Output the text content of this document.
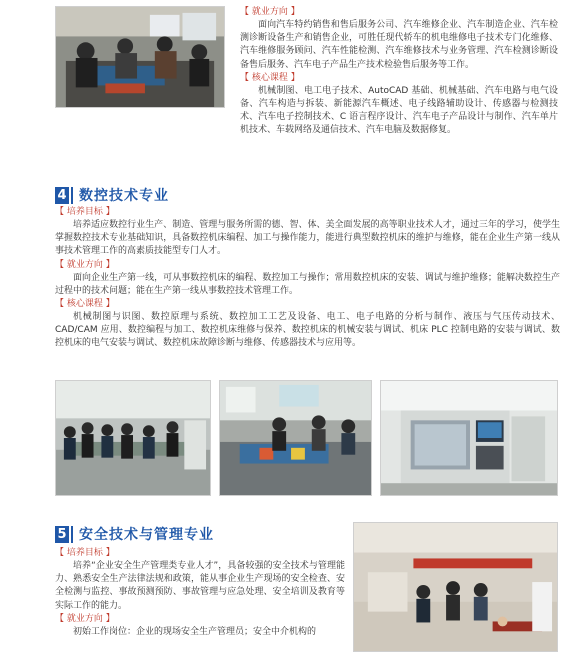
【 就业方向 】
面向汽车特约销售和售后服务公司、汽车维修企业、汽车制造企业、汽车检测诊断设备生产和销售企业，可胜任现代轿车的机电维修电子技术专门化维修、汽车维修服务顾问、汽车性能检测、汽车维修技术与业务管理、汽车检测诊断设备售后服务、汽车电子产品生产技术检验售后服务等工作。
【 核心课程 】
机械制图、电工电子技术、AutoCAD 基础、机械基础、汽车电路与电气设备、汽车构造与拆装、新能源汽车概述、电子线路辅助设计、传感器与检测技术、汽车电子控制技术、C 语言程序设计、汽车电子产品设计与制作、汽车单片机技术、车载网络及通信技术、汽车电脑及数据修复。
4 数控技术专业
【 培养目标 】
培养适应数控行业生产、制造、管理与服务所需的德、智、体、美全面发展的高等职业技术人才，通过三年的学习，使学生掌握数控技术专业基础知识，具备数控机床编程、加工与操作能力，能进行典型数控机床的维护与维修，能在企业生产第一线从事技术管理工作的高素质技能型专门人才。
【 就业方向 】
面向企业生产第一线，可从事数控机床的编程、数控加工与操作；常用数控机床的安装、调试与维护维修；能解决数控生产过程中的技术问题；能在生产第一线从事数控技术管理工作。
【 核心课程 】
机械制图与识图、数控原理与系统、数控加工工艺及设备、电工、电子电路的分析与制作、液压与气压传动技术、CAD/CAM 应用、数控编程与加工、数控机床维修与保养、数控机床的机械安装与调试、机床 PLC 控制电路的安装与调试、数控机床的电气安装与调试、数控机床故障诊断与维修、传感器技术与应用等。
5 安全技术与管理专业
【 培养目标 】
培养“企业安全生产管理类专业人才”，具备较强的安全技术与管理能力、熟悉安全生产法律法规和政策，能从事企业生产现场的安全检查、安全检测与监控、事故预测预防、事故管理与应急处理、安全培训及教育等实际工作的能力。
【 就业方向 】
初始工作岗位：企业的现场安全生产管理员；安全中介机构的
